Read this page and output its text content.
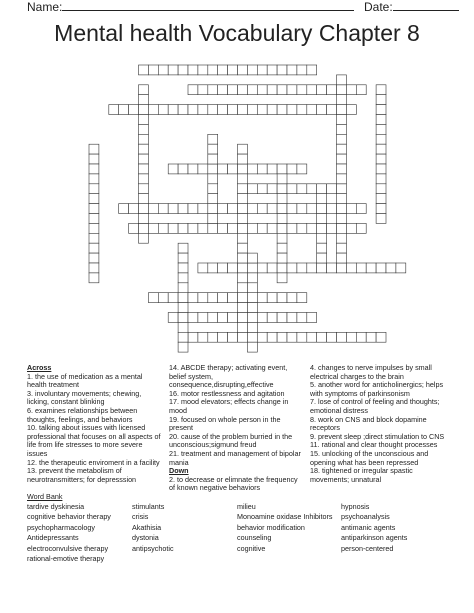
Name:	Date:
Mental health Vocabulary Chapter 8
Across
1. the use of medication as a mental health treatment
3. involuntary movements; chewing, licking, constant blinking
6. examines relationships between thoughts, feelings, and behaviors
10. talking about issues with licensed professional that focuses on all aspects of life from life stresses to more severe issues
12. the therapeutic enviroment in a facility
13. prevent the metabolism of neurotransmitters; for depresssion
14. ABCDE therapy; activating event, belief system, consequence,disrupting,effective
16. motor restlessness and agitation
17. mood elevators; effects change in mood
19. focused on whole person in the present
20. cause of the problem burried in the unconscious;sigmund freud
21. treatment and management of bipolar mania
Down
2. to decrease or elimnate the frequency of known negative behaviors
4. changes to nerve impulses by small electrical charges to the brain
5. another word for anticholinergics; helps with symptoms of parkinsonism
7. lose of control of feeling and thoughts; emotional distress
8. work on CNS and block dopamine receptors
9. prevent sleep ;direct stimulation to CNS
11. rational and clear thought processes
15. unlocking of the unconscious and opening what has been repressed
18. tightened or irregular spastic movements; unnatural
Word Bank
tardive dyskinesia
cognitive behavior therapy
psychopharmacology
Antidepressants
electroconvulsive therapy
rational-emotive therapy
stimulants
crisis
Akathisia
dystonia
antipsychotic
milieu
Monoamine oxidase Inhibitors
behavior modification
counseling
cognitive
hypnosis
psychoanalysis
antimanic agents
antiparkinson agents
person-centered
